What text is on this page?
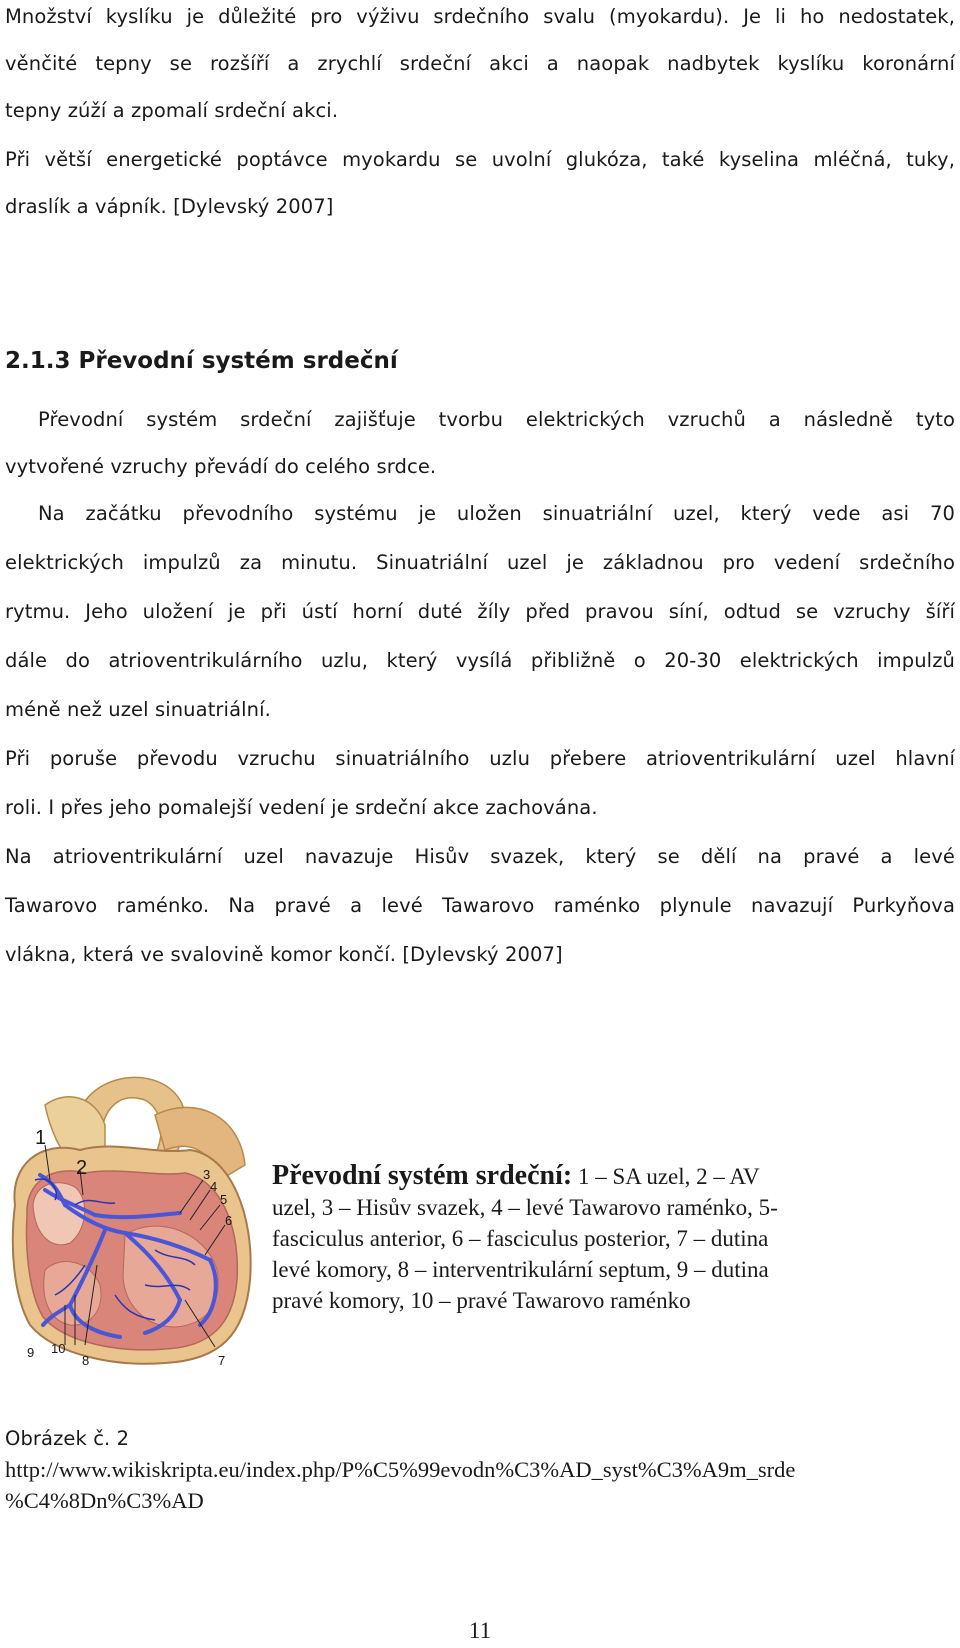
Množství kyslíku je důležité pro výživu srdečního svalu (myokardu). Je li ho nedostatek,
věnčité tepny se rozšíří a zrychlí srdeční akci a naopak nadbytek kyslíku koronární
tepny zúží a zpomalí srdeční akci.
Při větší energetické poptávce myokardu se uvolní glukóza, také kyselina mléčná, tuky,
draslík a vápník. [Dylevský 2007]
2.1.3 Převodní systém srdeční
Převodní systém srdeční zajišťuje tvorbu elektrických vzruchů a následně tyto
vytvořené vzruchy převádí do celého srdce.
Na začátku převodního systému je uložen sinuatriální uzel, který vede asi 70
elektrických impulzů za minutu. Sinuatriální uzel je základnou pro vedení srdečního
rytmu. Jeho uložení je při ústí horní duté žíly před pravou síní, odtud se vzruchy šíří
dále do atrioventrikulárního uzlu, který vysílá přibližně o 20-30 elektrických impulzů
méně než uzel sinuatriální.
Při poruše převodu vzruchu sinuatriálního uzlu přebere atrioventrikulární uzel hlavní
roli. I přes jeho pomalejší vedení je srdeční akce zachována.
Na atrioventrikulární uzel navazuje Hisův svazek, který se dělí na pravé a levé
Tawarovo raménko. Na pravé a levé Tawarovo raménko plynule navazují Purkyňova
vlákna, která ve svalovině komor končí. [Dylevský 2007]
1
2	3
4
5
6
7
8
9 10
Převodní systém srdeční: 1 – SA uzel, 2 – AV
uzel, 3 – Hisův svazek, 4 – levé Tawarovo raménko, 5-
fasciculus anterior, 6 – fasciculus posterior, 7 – dutina
levé komory, 8 – interventrikulární septum, 9 – dutina
pravé komory, 10 – pravé Tawarovo raménko
Obrázek č. 2
http://www.wikiskripta.eu/index.php/P%C5%99evodn%C3%AD_syst%C3%A9m_srde
%C4%8Dn%C3%AD
11
